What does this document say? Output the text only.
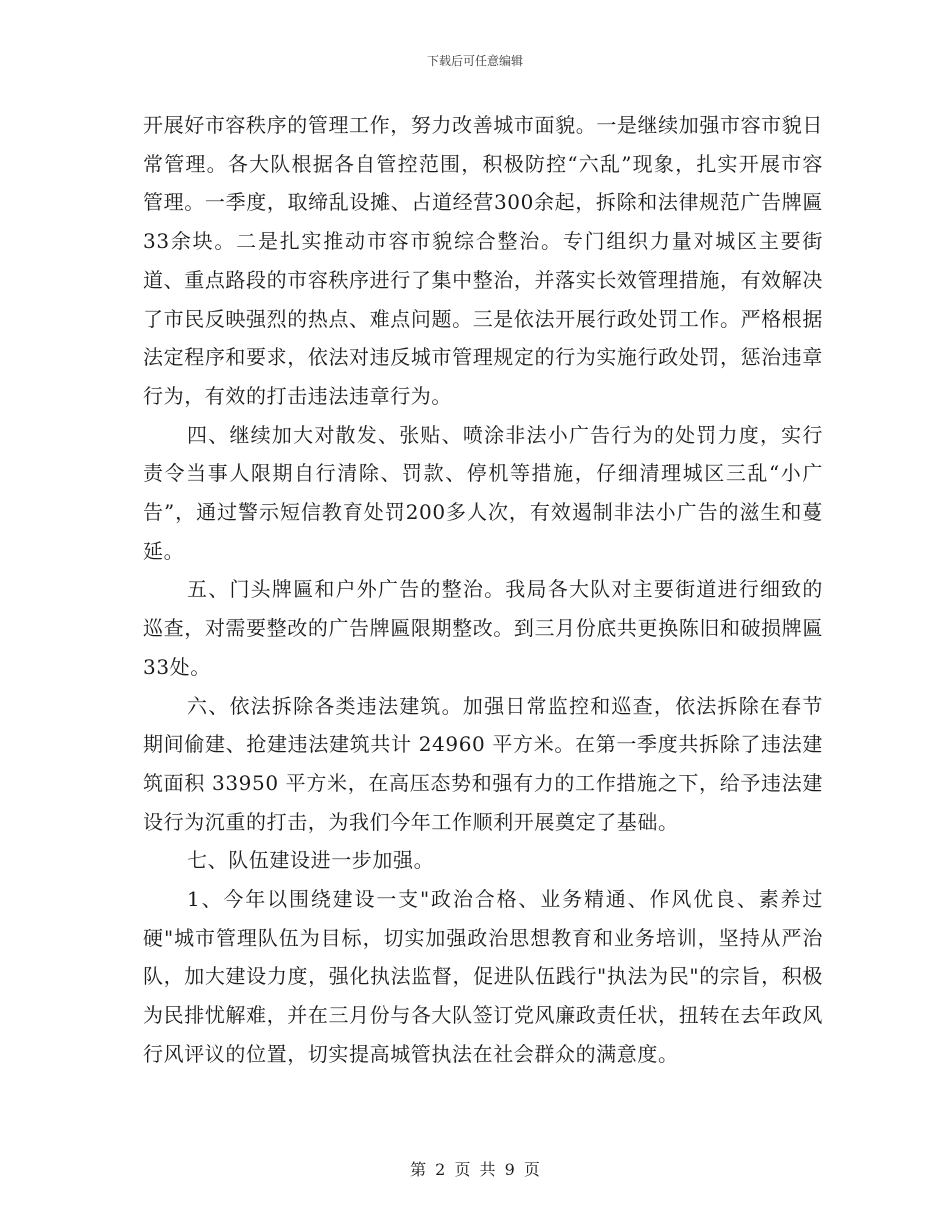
下载后可任意编辑

开展好市容秩序的管理工作，努力改善城市面貌。一是继续加强市容市貌日常管理。各大队根据各自管控范围，积极防控“六乱”现象，扎实开展市容管理。一季度，取缔乱设摊、占道经营300余起，拆除和法律规范广告牌匾33余块。二是扎实推动市容市貌综合整治。专门组织力量对城区主要街道、重点路段的市容秩序进行了集中整治，并落实长效管理措施，有效解决了市民反映强烈的热点、难点问题。三是依法开展行政处罚工作。严格根据法定程序和要求，依法对违反城市管理规定的行为实施行政处罚，惩治违章行为，有效的打击违法违章行为。

四、继续加大对散发、张贴、喷涂非法小广告行为的处罚力度，实行责令当事人限期自行清除、罚款、停机等措施，仔细清理城区三乱“小广告”，通过警示短信教育处罚200多人次，有效遏制非法小广告的滋生和蔓延。

五、门头牌匾和户外广告的整治。我局各大队对主要街道进行细致的巡查，对需要整改的广告牌匾限期整改。到三月份底共更换陈旧和破损牌匾33处。

六、依法拆除各类违法建筑。加强日常监控和巡查，依法拆除在春节期间偷建、抢建违法建筑共计 24960 平方米。在第一季度共拆除了违法建筑面积 33950 平方米，在高压态势和强有力的工作措施之下，给予违法建设行为沉重的打击，为我们今年工作顺利开展奠定了基础。

七、队伍建设进一步加强。

1、今年以围绕建设一支"政治合格、业务精通、作风优良、素养过硬"城市管理队伍为目标，切实加强政治思想教育和业务培训，坚持从严治队，加大建设力度，强化执法监督，促进队伍践行"执法为民"的宗旨，积极为民排忧解难，并在三月份与各大队签订党风廉政责任状，扭转在去年政风行风评议的位置，切实提高城管执法在社会群众的满意度。

第 2 页 共 9 页
